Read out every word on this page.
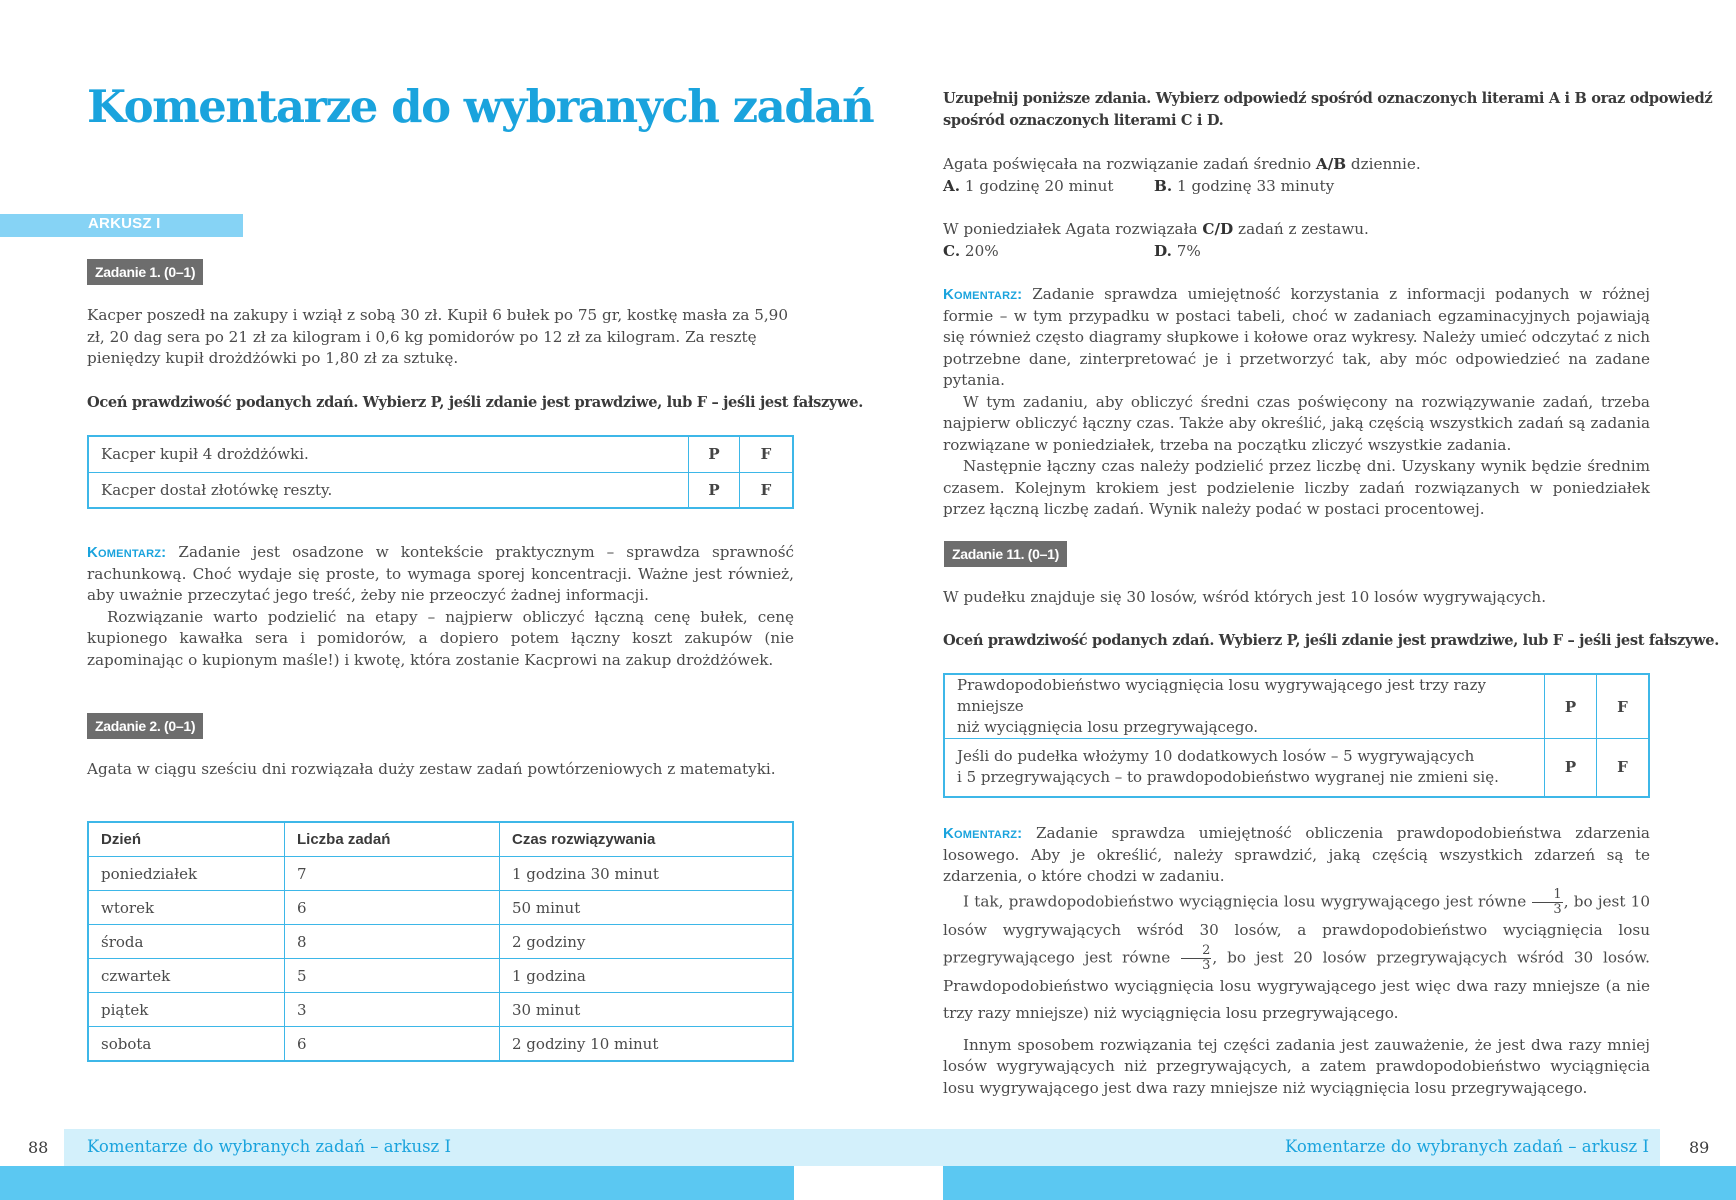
Komentarze do wybranych zadań
ARKUSZ I
Zadanie 1. (0–1)

Kacper poszedł na zakupy i wziął z sobą 30 zł. Kupił 6 bułek po 75 gr, kostkę masła za 5,90 zł, 20 dag sera po 21 zł za kilogram i 0,6 kg pomidorów po 12 zł za kilogram. Za resztę pieniędzy kupił drożdżówki po 1,80 zł za sztukę.

Oceń prawdziwość podanych zdań. Wybierz P, jeśli zdanie jest prawdziwe, lub F – jeśli jest fałszywe.
Kacper kupił 4 drożdżówki.	P	F
Kacper dostał złotówkę reszty.	P	F

Komentarz: Zadanie jest osadzone w kontekście praktycznym – sprawdza sprawność rachunkową. Choć wydaje się proste, to wymaga sporej koncentracji. Ważne jest również, aby uważnie przeczytać jego treść, żeby nie przeoczyć żadnej informacji.

Rozwiązanie warto podzielić na etapy – najpierw obliczyć łączną cenę bułek, cenę kupionego kawałka sera i pomidorów, a dopiero potem łączny koszt zakupów (nie zapominając o kupionym maśle!) i kwotę, która zostanie Kacprowi na zakup drożdżówek.

Zadanie 2. (0–1)

Agata w ciągu sześciu dni rozwiązała duży zestaw zadań powtórzeniowych z matematyki.

Dzień	Liczba zadań	Czas rozwiązywania
poniedziałek	7	1 godzina 30 minut
wtorek	6	50 minut
środa	8	2 godziny
czwartek	5	1 godzina
piątek	3	30 minut
sobota	6	2 godziny 10 minut
88 Komentarze do wybranych zadań – arkusz I
Uzupełnij poniższe zdania. Wybierz odpowiedź spośród oznaczonych literami A i B oraz odpowiedź
spośród oznaczonych literami C i D.
Agata poświęcała na rozwiązanie zadań średnio A/B dziennie.
A. 1 godzinę 20 minut	B. 1 godzinę 33 minuty
W poniedziałek Agata rozwiązała C/D zadań z zestawu.
C. 20%	D. 7%

Komentarz: Zadanie sprawdza umiejętność korzystania z informacji podanych w różnej formie – w tym przypadku w postaci tabeli, choć w zadaniach egzaminacyjnych pojawiają się również często diagramy słupkowe i kołowe oraz wykresy. Należy umieć odczytać z nich potrzebne dane, zinterpretować je i przetworzyć tak, aby móc odpowiedzieć na zadane pytania.

W tym zadaniu, aby obliczyć średni czas poświęcony na rozwiązywanie zadań, trzeba najpierw obliczyć łączny czas. Także aby określić, jaką częścią wszystkich zadań są zadania rozwiązane w poniedziałek, trzeba na początku zliczyć wszystkie zadania.

Następnie łączny czas należy podzielić przez liczbę dni. Uzyskany wynik będzie średnim czasem. Kolejnym krokiem jest podzielenie liczby zadań rozwiązanych w poniedziałek przez łączną liczbę zadań. Wynik należy podać w postaci procentowej.

Zadanie 11. (0–1)

W pudełku znajduje się 30 losów, wśród których jest 10 losów wygrywających.

Oceń prawdziwość podanych zdań. Wybierz P, jeśli zdanie jest prawdziwe, lub F – jeśli jest fałszywe.
Prawdopodobieństwo wyciągnięcia losu wygrywającego jest trzy razy mniejsze
niż wyciągnięcia losu przegrywającego.	P	F

Jeśli do pudełka włożymy 10 dodatkowych losów – 5 wygrywających
i 5 przegrywających – to prawdopodobieństwo wygranej nie zmieni się.	P	F

Komentarz: Zadanie sprawdza umiejętność obliczenia prawdopodobieństwa zdarzenia losowego. Aby je określić, należy sprawdzić, jaką częścią wszystkich zdarzeń są te zdarzenia, o które chodzi w zadaniu.

I tak, prawdopodobieństwo wyciągnięcia losu wygrywającego jest równe $\frac{1}{3}$ , bo jest 10 losów wygrywających wśród 30 losów, a prawdopodobieństwo wyciągnięcia losu przegrywającego jest równe $\frac{2}{3}$ , bo jest 20 losów przegrywających wśród 30 losów. Prawdopodobieństwo wyciągnięcia losu wygrywającego jest więc dwa razy mniejsze (a nie trzy razy mniejsze) niż wyciągnięcia losu przegrywającego.

Innym sposobem rozwiązania tej części zadania jest zauważenie, że jest dwa razy mniej losów wygrywających niż przegrywających, a zatem prawdopodobieństwo wyciągnięcia losu wygrywającego jest dwa razy mniejsze niż wyciągnięcia losu przegrywającego.

Komentarze do wybranych zadań – arkusz I	89
